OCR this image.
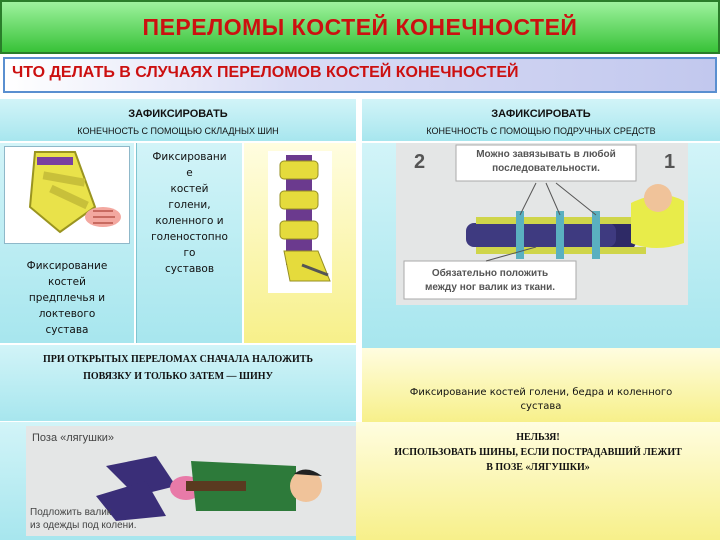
ПЕРЕЛОМЫ КОСТЕЙ КОНЕЧНОСТЕЙ
ЧТО ДЕЛАТЬ В СЛУЧАЯХ ПЕРЕЛОМОВ КОСТЕЙ КОНЕЧНОСТЕЙ
ЗАФИКСИРОВАТЬ
КОНЕЧНОСТЬ С ПОМОЩЬЮ СКЛАДНЫХ ШИН
ЗАФИКСИРОВАТЬ
КОНЕЧНОСТЬ С ПОМОЩЬЮ ПОДРУЧНЫХ СРЕДСТВ
Фиксирование
костей
предплечья и
локтевого
сустава
Фиксировани
е
костей
голени,
коленного и
голеностопно
го
суставов
2	1
Можно завязывать в любой
последовательности.
Обязательно положить
между ног валик из ткани.
ПРИ ОТКРЫТЫХ ПЕРЕЛОМАХ СНАЧАЛА НАЛОЖИТЬ
ПОВЯЗКУ И ТОЛЬКО ЗАТЕМ — ШИНУ
Фиксирование костей голени, бедра и коленного
сустава
Поза «лягушки»
Подложить валик
из одежды под колени.
НЕЛЬЗЯ!
ИСПОЛЬЗОВАТЬ ШИНЫ, ЕСЛИ ПОСТРАДАВШИЙ ЛЕЖИТ
В ПОЗЕ «ЛЯГУШКИ»
